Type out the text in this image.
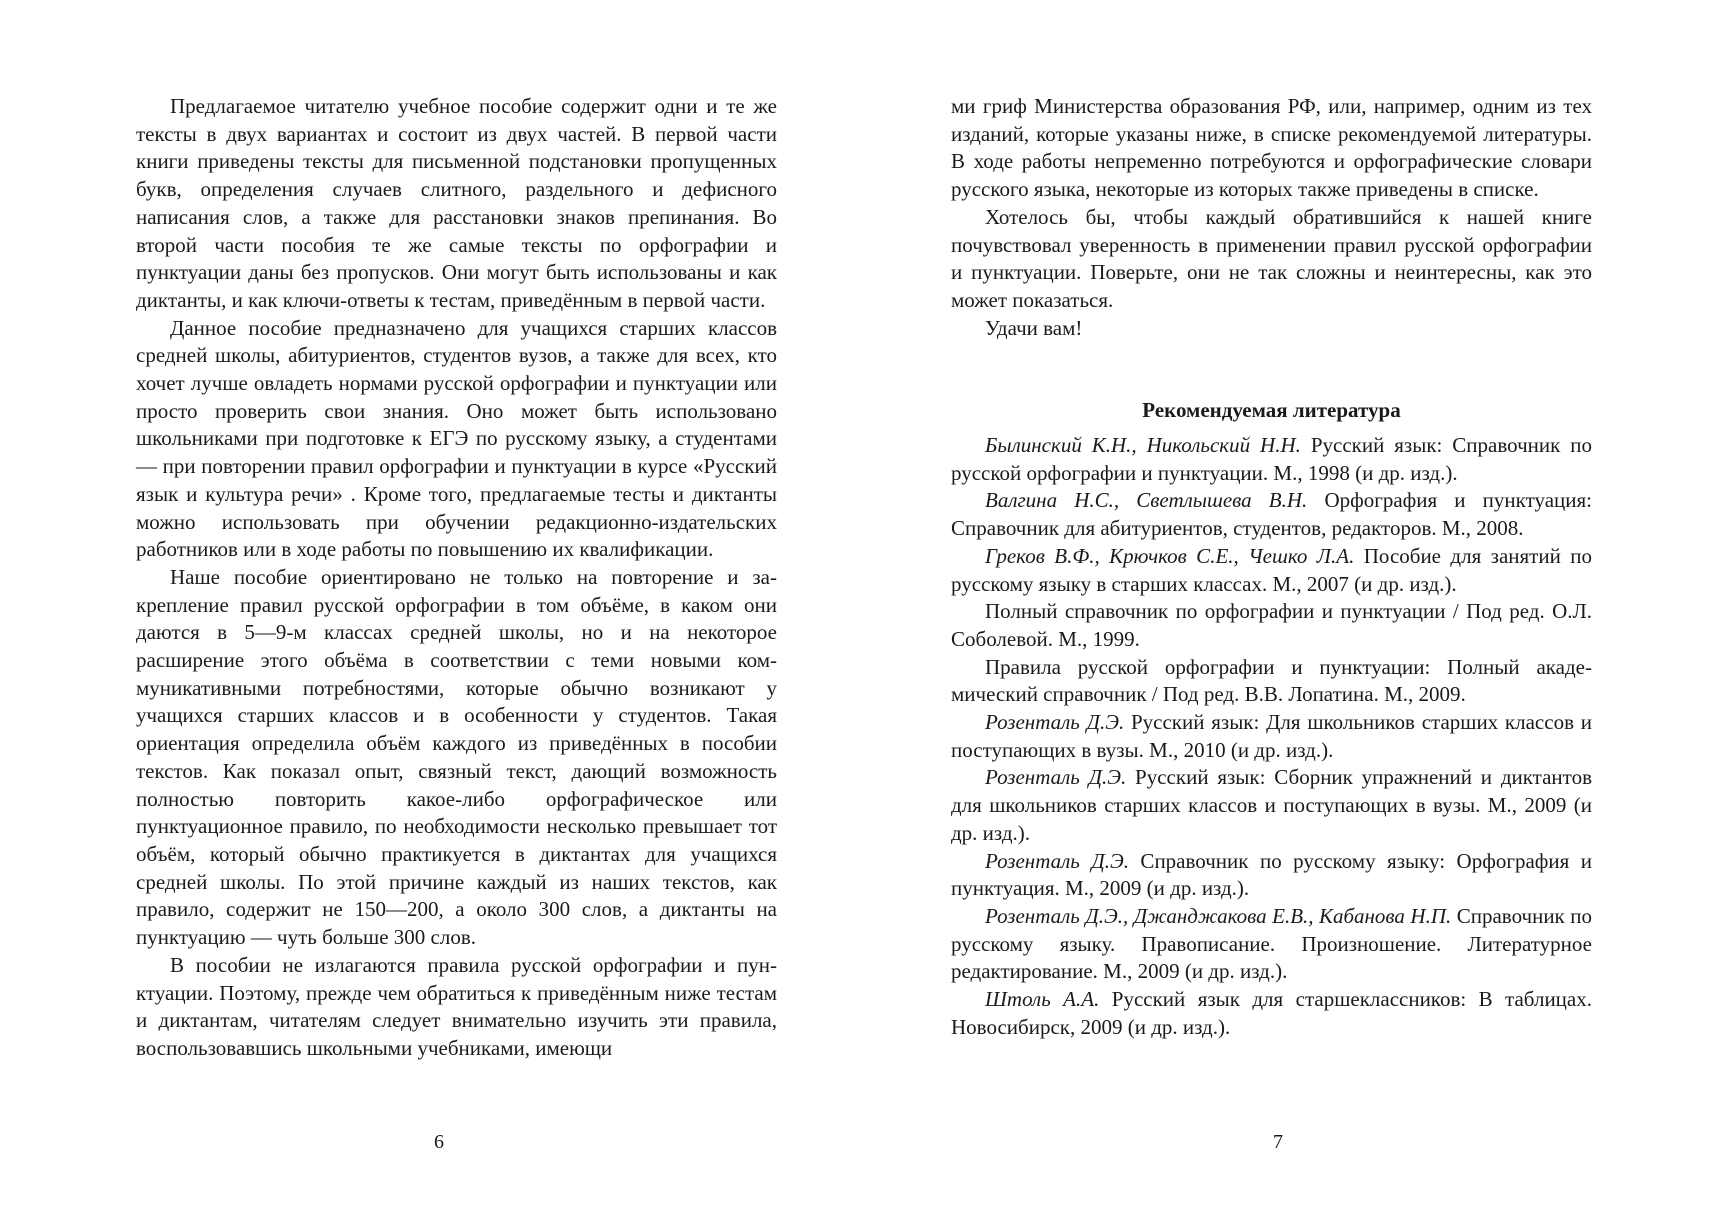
Предлагаемое читателю учебное пособие содержит одни и те же тексты в двух вариантах и состоит из двух частей. В первой части книги приведены тексты для письменной подстановки пропущенных букв, определения случаев слитного, раздельного и дефисного написания слов, а также для расстановки знаков препинания. Во второй части пособия те же самые тексты по орфографии и пунктуации даны без пропусков. Они могут быть использованы и как диктанты, и как ключи-ответы к тестам, приведённым в первой части.

Данное пособие предназначено для учащихся старших классов средней школы, абитуриентов, студентов вузов, а также для всех, кто хочет лучше овладеть нормами русской орфографии и пунктуации или просто проверить свои знания. Оно может быть использовано школьниками при подготовке к ЕГЭ по русскому языку, а студентами — при повторении правил орфографии и пунктуации в курсе «Русский язык и культура речи» . Кроме того, предлагаемые тесты и диктанты можно использовать при обучении редакционно-издательских работников или в ходе работы по повышению их квалификации.

Наше пособие ориентировано не только на повторение и закрепление правил русской орфографии в том объёме, в каком они даются в 5—9-м классах средней школы, но и на некоторое расширение этого объёма в соответствии с теми новыми коммуникативными потребностями, которые обычно возникают у учащихся старших классов и в особенности у студентов. Такая ориентация определила объём каждого из приведённых в пособии текстов. Как показал опыт, связный текст, дающий возможность полностью повторить какое-либо орфографическое или пунктуационное правило, по необходимости несколько превышает тот объём, который обычно практикуется в диктантах для учащихся средней школы. По этой причине каждый из наших текстов, как правило, содержит не 150—200, а около 300 слов, а диктанты на пунктуацию — чуть больше 300 слов.

В пособии не излагаются правила русской орфографии и пунктуации. Поэтому, прежде чем обратиться к приведённым ниже тестам и диктантам, читателям следует внимательно изучить эти правила, воспользовавшись школьными учебниками, имеющи

6

ми гриф Министерства образования РФ, или, например, одним из тех изданий, которые указаны ниже, в списке рекомендуемой литературы. В ходе работы непременно потребуются и орфографические словари русского языка, некоторые из которых также приведены в списке.

Хотелось бы, чтобы каждый обратившийся к нашей книге почувствовал уверенность в применении правил русской орфографии и пунктуации. Поверьте, они не так сложны и неинтересны, как это может показаться.

Удачи вам!

Рекомендуемая литература

Былинский К.Н., Никольский Н.Н. Русский язык: Справочник по русской орфографии и пунктуации. М., 1998 (и др. изд.).

Валгина Н.С., Светлышева В.Н. Орфография и пунктуация: Справочник для абитуриентов, студентов, редакторов. М., 2008.

Греков В.Ф., Крючков С.Е., Чешко Л.А. Пособие для занятий по русскому языку в старших классах. М., 2007 (и др. изд.).

Полный справочник по орфографии и пунктуации / Под ред. О.Л. Соболевой. М., 1999.

Правила русской орфографии и пунктуации: Полный академический справочник / Под ред. В.В. Лопатина. М., 2009.

Розенталь Д.Э. Русский язык: Для школьников старших классов и поступающих в вузы. М., 2010 (и др. изд.).

Розенталь Д.Э. Русский язык: Сборник упражнений и диктантов для школьников старших классов и поступающих в вузы. М., 2009 (и др. изд.).

Розенталь Д.Э. Справочник по русскому языку: Орфография и пунктуация. М., 2009 (и др. изд.).

Розенталь Д.Э., Джанджакова Е.В., Кабанова Н.П. Справочник по русскому языку. Правописание. Произношение. Литературное редактирование. М., 2009 (и др. изд.).

Штоль А.А. Русский язык для старшеклассников: В таблицах. Новосибирск, 2009 (и др. изд.).

7
